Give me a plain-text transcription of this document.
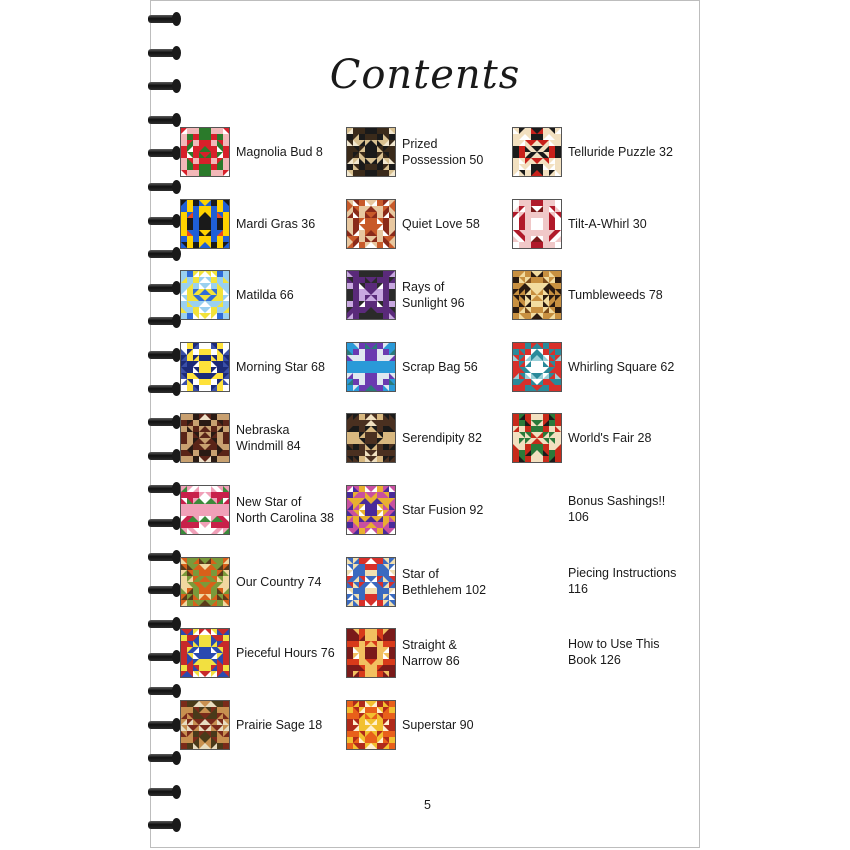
Contents
Magnolia Bud 8
Mardi Gras 36
Matilda 66
Morning Star 68
Nebraska
Windmill 84
New Star of
North Carolina 38
Our Country 74
Pieceful Hours 76
Prairie Sage 18
Prized
Possession 50
Quiet Love 58
Rays of
Sunlight 96
Scrap Bag 56
Serendipity 82
Star Fusion 92
Star of
Bethlehem 102
Straight &
Narrow 86
Superstar 90
Telluride Puzzle 32
Tilt-A-Whirl 30
Tumbleweeds 78
Whirling Square 62
World's Fair 28
Bonus Sashings!!
106
Piecing Instructions
116
How to Use This
Book 126
5
